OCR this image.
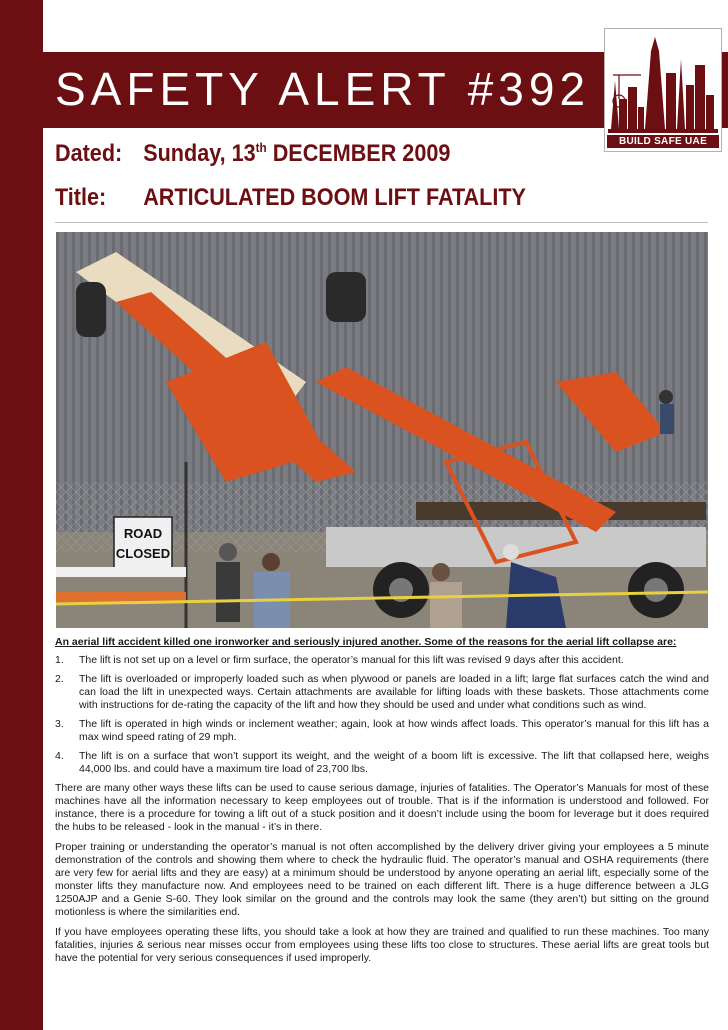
SAFETY ALERT #392
BUILD SAFE UAE
Dated: Sunday, 13th DECEMBER 2009
Title: ARTICULATED BOOM LIFT FATALITY
ROAD
CLOSED

An aerial lift accident killed one ironworker and seriously injured another. Some of the reasons for the aerial lift collapse are:

1. The lift is not set up on a level or firm surface, the operator’s manual for this lift was revised 9 days after this accident.
2. The lift is overloaded or improperly loaded such as when plywood or panels are loaded in a lift; large flat surfaces catch the wind and can load the lift in unexpected ways. Certain attachments are available for lifting loads with these baskets. Those attachments come with instructions for de-rating the capacity of the lift and how they should be used and under what conditions such as wind.
3. The lift is operated in high winds or inclement weather; again, look at how winds affect loads. This operator’s manual for this lift has a max wind speed rating of 29 mph.
4. The lift is on a surface that won’t support its weight, and the weight of a boom lift is excessive. The lift that collapsed here, weighs 44,000 lbs. and could have a maximum tire load of 23,700 lbs.

There are many other ways these lifts can be used to cause serious damage, injuries of fatalities. The Operator’s Manuals for most of these machines have all the information necessary to keep employees out of trouble. That is if the information is understood and followed. For instance, there is a procedure for towing a lift out of a stuck position and it doesn’t include using the boom for leverage but it does required the hubs to be released - look in the manual - it’s in there.

Proper training or understanding the operator’s manual is not often accomplished by the delivery driver giving your employees a 5 minute demonstration of the controls and showing them where to check the hydraulic fluid. The operator’s manual and OSHA requirements (there are very few for aerial lifts and they are easy) at a minimum should be understood by anyone operating an aerial lift, especially some of the monster lifts they manufacture now. And employees need to be trained on each different lift. There is a huge difference between a JLG 1250AJP and a Genie S-60. They look similar on the ground and the controls may look the same (they aren’t) but sitting on the ground motionless is where the similarities end.

If you have employees operating these lifts, you should take a look at how they are trained and qualified to run these machines. Too many fatalities, injuries & serious near misses occur from employees using these lifts too close to structures. These aerial lifts are great tools but have the potential for very serious consequences if used improperly.
